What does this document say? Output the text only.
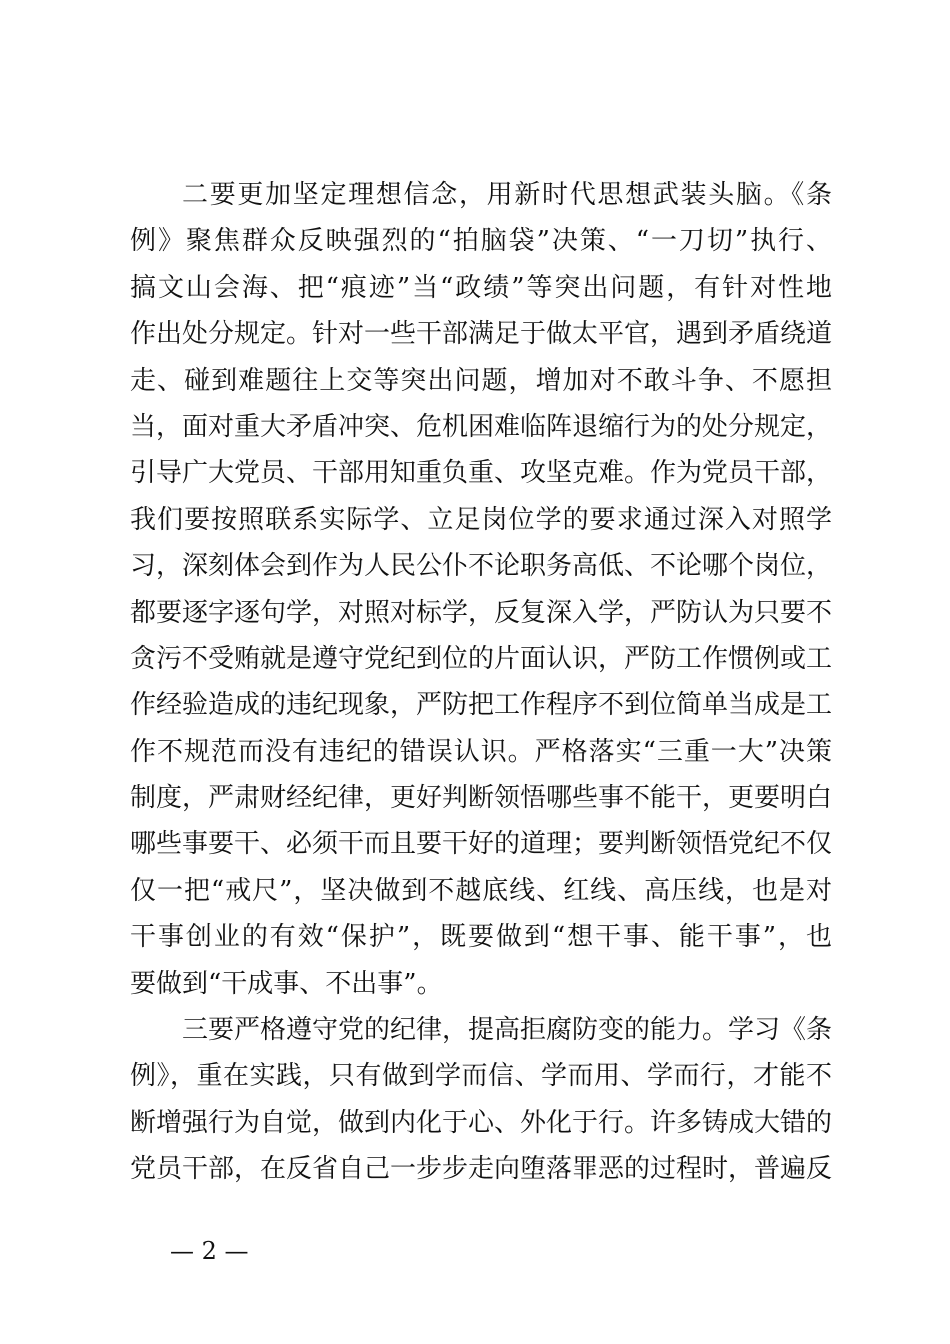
二要更加坚定理想信念，用新时代思想武装头脑。《条
例》聚焦群众反映强烈的“拍脑袋”决策、“一刀切”执行、
搞文山会海、把“痕迹”当“政绩”等突出问题，有针对性地
作出处分规定。针对一些干部满足于做太平官，遇到矛盾绕道
走、碰到难题往上交等突出问题，增加对不敢斗争、不愿担
当，面对重大矛盾冲突、危机困难临阵退缩行为的处分规定，
引导广大党员、干部用知重负重、攻坚克难。作为党员干部，
我们要按照联系实际学、立足岗位学的要求通过深入对照学
习，深刻体会到作为人民公仆不论职务高低、不论哪个岗位，
都要逐字逐句学，对照对标学，反复深入学，严防认为只要不
贪污不受贿就是遵守党纪到位的片面认识，严防工作惯例或工
作经验造成的违纪现象，严防把工作程序不到位简单当成是工
作不规范而没有违纪的错误认识。严格落实“三重一大”决策
制度，严肃财经纪律，更好判断领悟哪些事不能干，更要明白
哪些事要干、必须干而且要干好的道理；要判断领悟党纪不仅
仅一把“戒尺”，坚决做到不越底线、红线、高压线，也是对
干事创业的有效“保护”，既要做到“想干事、能干事”，也
要做到“干成事、不出事”。
三要严格遵守党的纪律，提高拒腐防变的能力。学习《条
例》，重在实践，只有做到学而信、学而用、学而行，才能不
断增强行为自觉，做到内化于心、外化于行。许多铸成大错的
党员干部，在反省自己一步步走向堕落罪恶的过程时，普遍反
— 2 —
